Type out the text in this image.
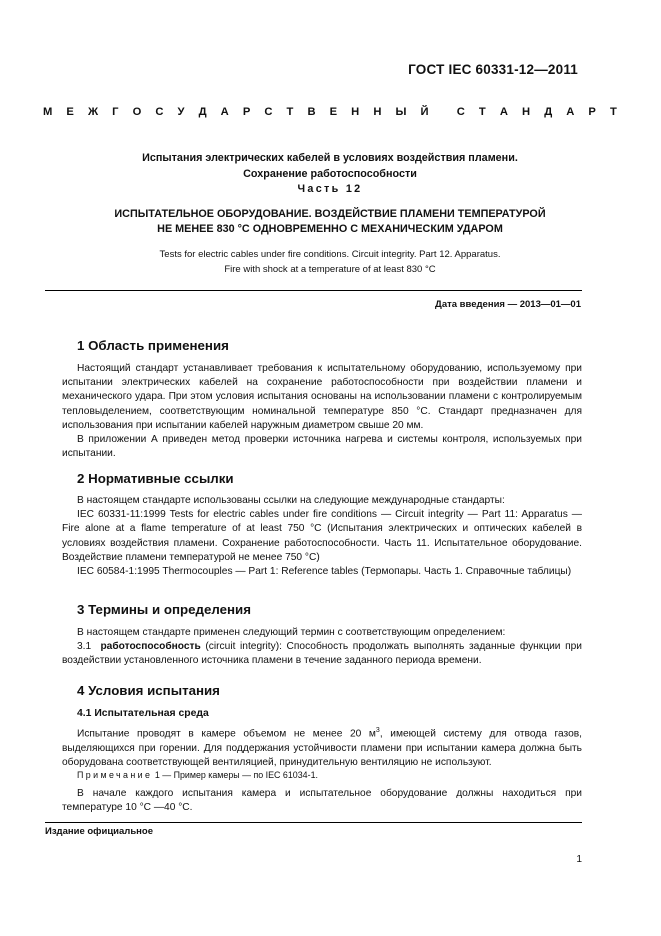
ГОСТ IEC 60331-12—2011
М Е Ж Г О С У Д А Р С Т В Е Н Н Ы Й	С Т А Н Д А Р Т
Испытания электрических кабелей в условиях воздействия пламени.
Сохранение работоспособности
Часть 12
ИСПЫТАТЕЛЬНОЕ ОБОРУДОВАНИЕ. ВОЗДЕЙСТВИЕ ПЛАМЕНИ ТЕМПЕРАТУРОЙ
НЕ МЕНЕЕ 830 °С ОДНОВРЕМЕННО С МЕХАНИЧЕСКИМ УДАРОМ
Tests for electric cables under fire conditions. Circuit integrity. Part 12. Apparatus.
Fire with shock at a temperature of at least 830 °C
Дата введения — 2013—01—01
1 Область применения

Настоящий стандарт устанавливает требования к испытательному оборудованию, используемому при испытании электрических кабелей на сохранение работоспособности при воздействии пламени и механического удара. При этом условия испытания основаны на использовании пламени с контролируемым тепловыделением, соответствующим номинальной температуре 850 °С. Стандарт предназначен для использования при испытании кабелей наружным диаметром свыше 20 мм.

В приложении А приведен метод проверки источника нагрева и системы контроля, используемых при испытании.

2 Нормативные ссылки

В настоящем стандарте использованы ссылки на следующие международные стандарты:

IEC 60331-11:1999 Tests for electric cables under fire conditions — Circuit integrity — Part 11: Apparatus — Fire alone at a flame temperature of at least 750 °C (Испытания электрических и оптических кабелей в условиях воздействия пламени. Сохранение работоспособности. Часть 11. Испытательное оборудование. Воздействие пламени температурой не менее 750 °С)

IEC 60584-1:1995 Thermocouples — Part 1: Reference tables (Термопары. Часть 1. Справочные таблицы)

3 Термины и определения

В настоящем стандарте применен следующий термин с соответствующим определением:

3.1 работоспособность (circuit integrity): Способность продолжать выполнять заданные функции при воздействии установленного источника пламени в течение заданного периода времени.

4 Условия испытания
4.1 Испытательная среда

Испытание проводят в камере объемом не менее 20 $м^3$, имеющей систему для отвода газов, выделяющихся при горении. Для поддержания устойчивости пламени при испытании камера должна быть оборудована соответствующей вентиляцией, принудительную вентиляцию не используют.

Примечание 1 — Пример камеры — по IEC 61034-1.

В начале каждого испытания камера и испытательное оборудование должны находиться при температуре 10 °С —40 °С.

Издание официальное
1
